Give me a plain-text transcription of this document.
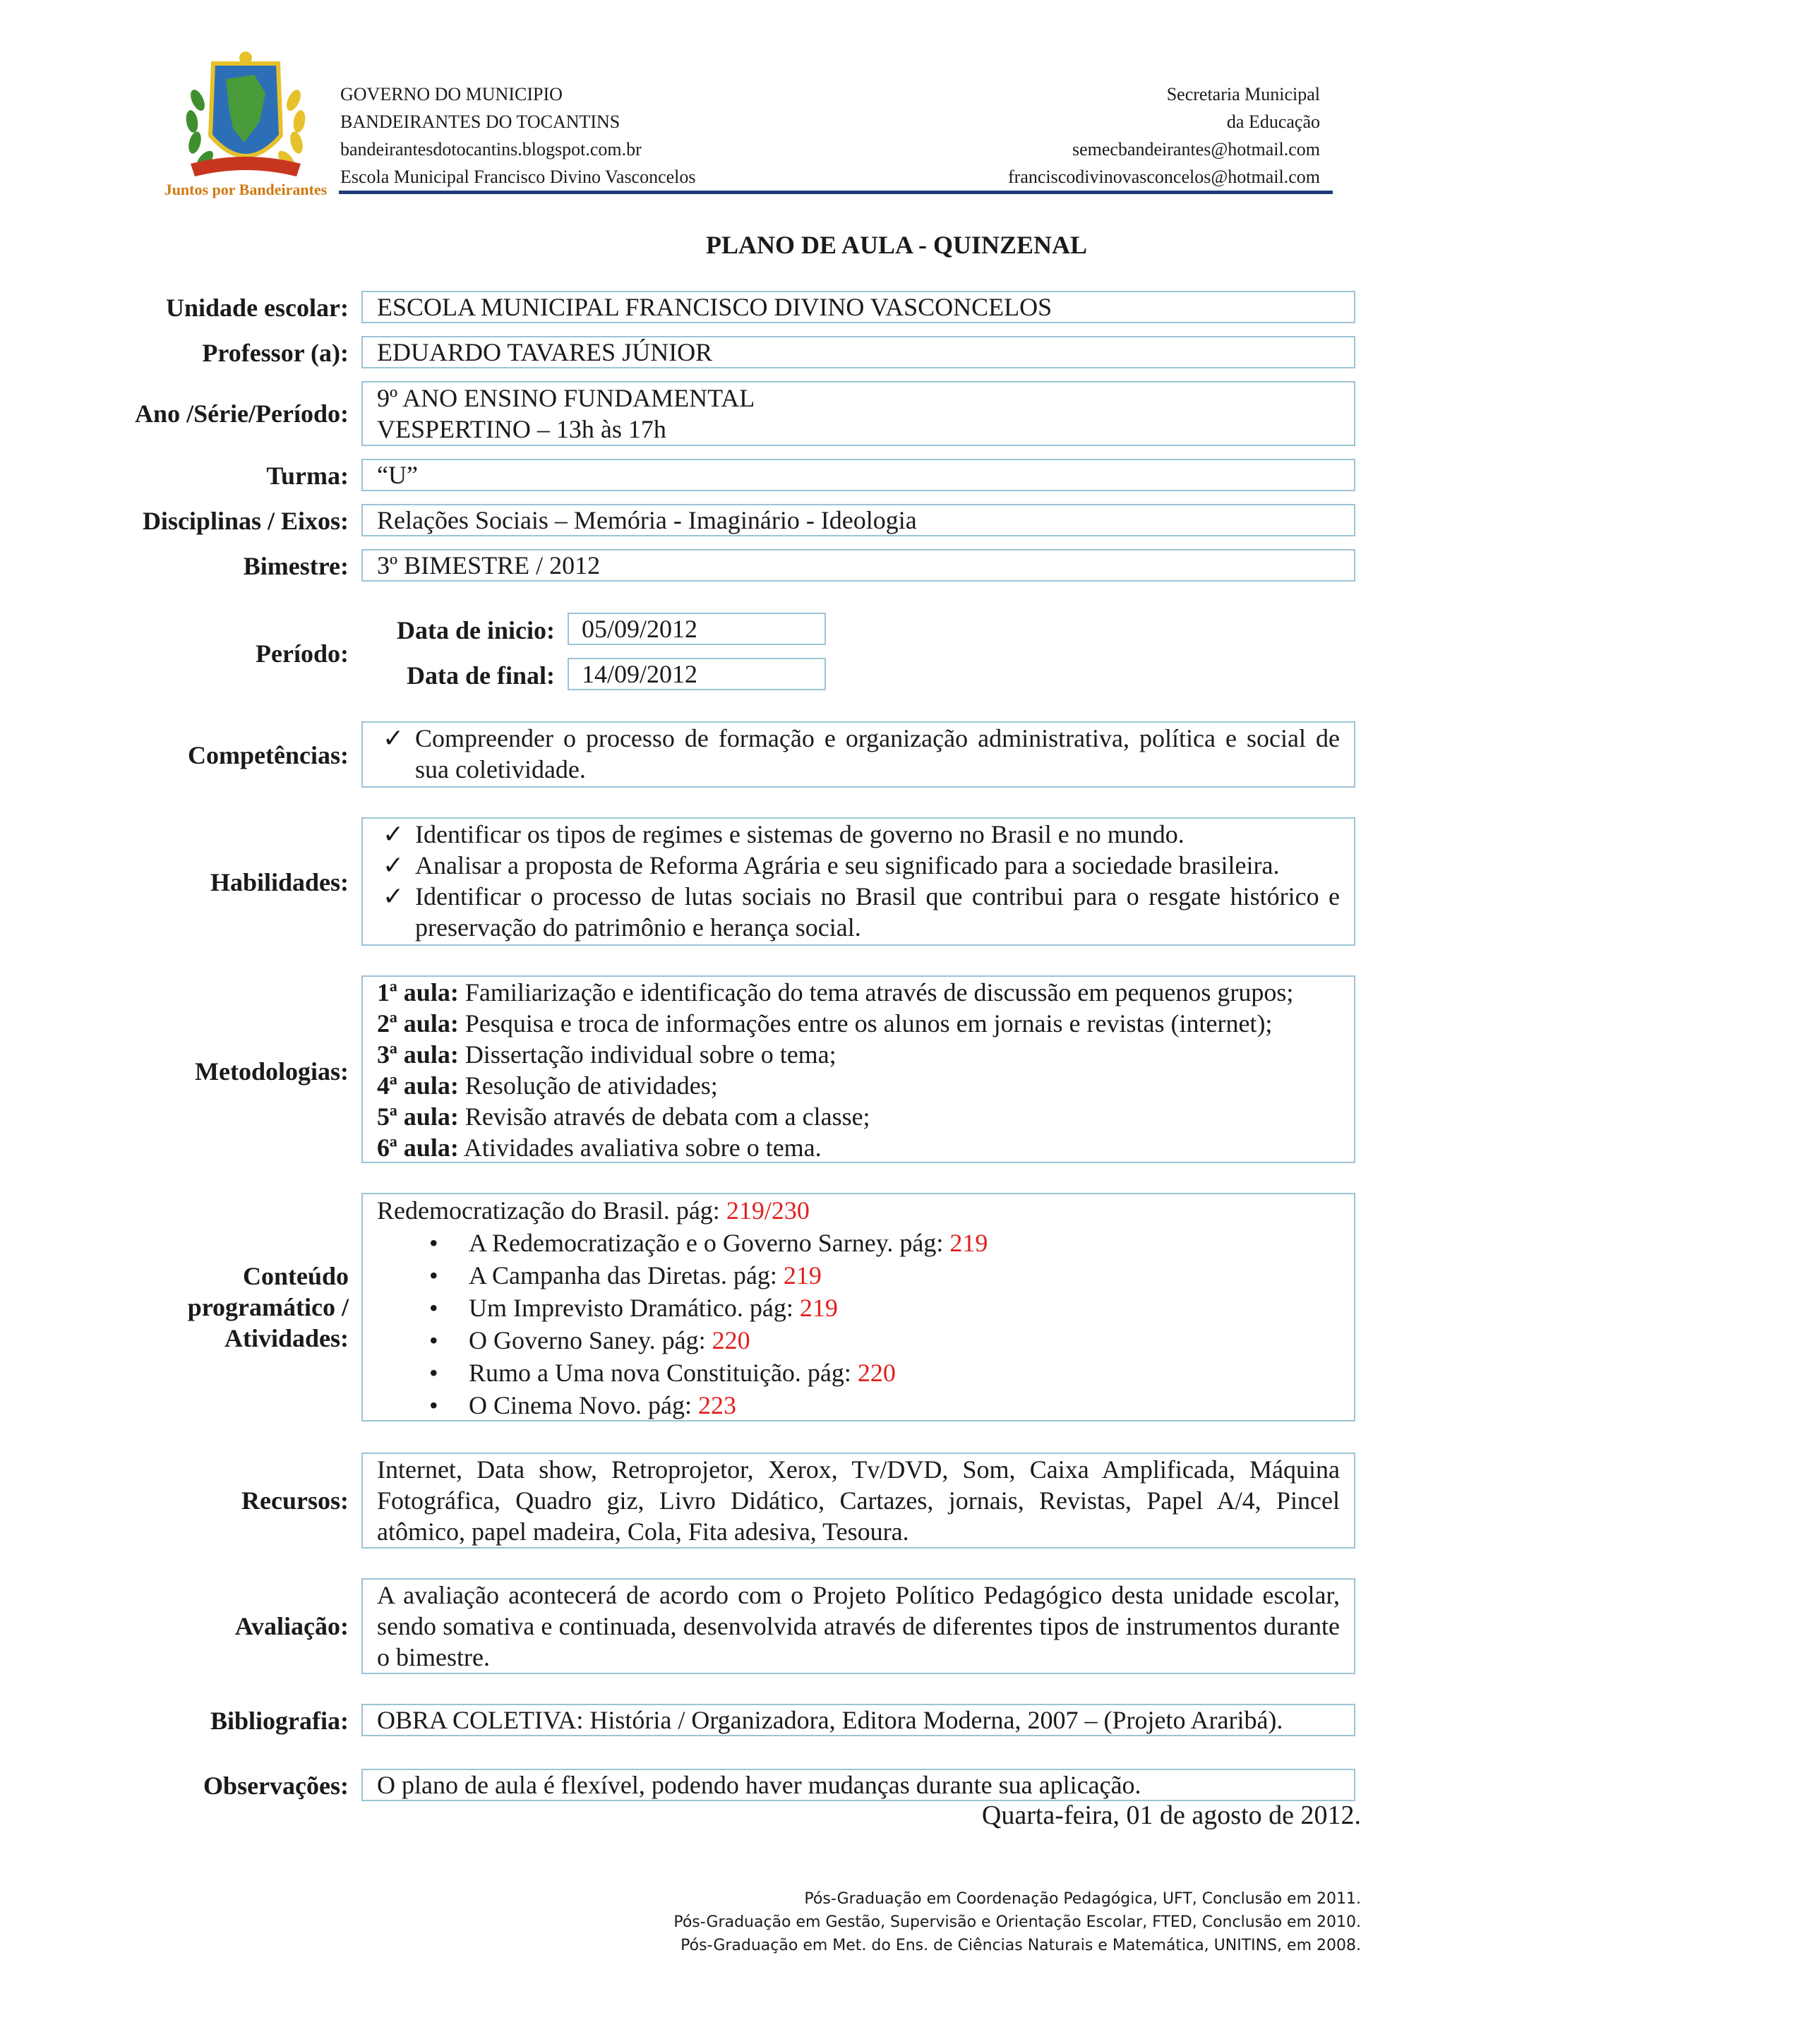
Juntos por Bandeirantes
GOVERNO DO MUNICIPIO
BANDEIRANTES DO TOCANTINS
bandeirantesdotocantins.blogspot.com.br
Escola Municipal Francisco Divino Vasconcelos
Secretaria Municipal
da Educação
semecbandeirantes@hotmail.com
franciscodivinovasconcelos@hotmail.com
PLANO DE AULA - QUINZENAL
Unidade escolar: ESCOLA MUNICIPAL FRANCISCO DIVINO VASCONCELOS
Professor (a): EDUARDO TAVARES JÚNIOR
Ano /Série/Período:
9º ANO ENSINO FUNDAMENTAL
VESPERTINO – 13h às 17h
Turma: “U”
Disciplinas / Eixos: Relações Sociais – Memória - Imaginário - Ideologia
Bimestre: 3º BIMESTRE / 2012
Período:
Data de inicio: 05/09/2012
Data de final: 14/09/2012
Competências:
✓ Compreender o processo de formação e organização administrativa, política e social de sua coletividade.
Habilidades:
✓ Identificar os tipos de regimes e sistemas de governo no Brasil e no mundo.
✓ Analisar a proposta de Reforma Agrária e seu significado para a sociedade brasileira.
✓ Identificar o processo de lutas sociais no Brasil que contribui para o resgate histórico e preservação do patrimônio e herança social.
Metodologias:
1ª aula: Familiarização e identificação do tema através de discussão em pequenos grupos;
2ª aula: Pesquisa e troca de informações entre os alunos em jornais e revistas (internet);
3ª aula: Dissertação individual sobre o tema;
4ª aula: Resolução de atividades;
5ª aula: Revisão através de debata com a classe;
6ª aula: Atividades avaliativa sobre o tema.
Conteúdo
programático /
Atividades:
Redemocratização do Brasil. pág: 219/230
•	A Redemocratização e o Governo Sarney. pág: 219
•	A Campanha das Diretas. pág: 219
•	Um Imprevisto Dramático. pág: 219
•	O Governo Saney. pág: 220
•	Rumo a Uma nova Constituição. pág: 220
•	O Cinema Novo. pág: 223
Recursos:
Internet, Data show, Retroprojetor, Xerox, Tv/DVD, Som, Caixa Amplificada, Máquina Fotográfica, Quadro giz, Livro Didático, Cartazes, jornais, Revistas, Papel A/4, Pincel atômico, papel madeira, Cola, Fita adesiva, Tesoura.
Avaliação:
A avaliação acontecerá de acordo com o Projeto Político Pedagógico desta unidade escolar, sendo somativa e continuada, desenvolvida através de diferentes tipos de instrumentos durante o bimestre.
Bibliografia: OBRA COLETIVA: História / Organizadora, Editora Moderna, 2007 – (Projeto Araribá).
Observações: O plano de aula é flexível, podendo haver mudanças durante sua aplicação.
Quarta-feira, 01 de agosto de 2012.
Pós-Graduação em Coordenação Pedagógica, UFT, Conclusão em 2011.
Pós-Graduação em Gestão, Supervisão e Orientação Escolar, FTED, Conclusão em 2010.
Pós-Graduação em Met. do Ens. de Ciências Naturais e Matemática, UNITINS, em 2008.
